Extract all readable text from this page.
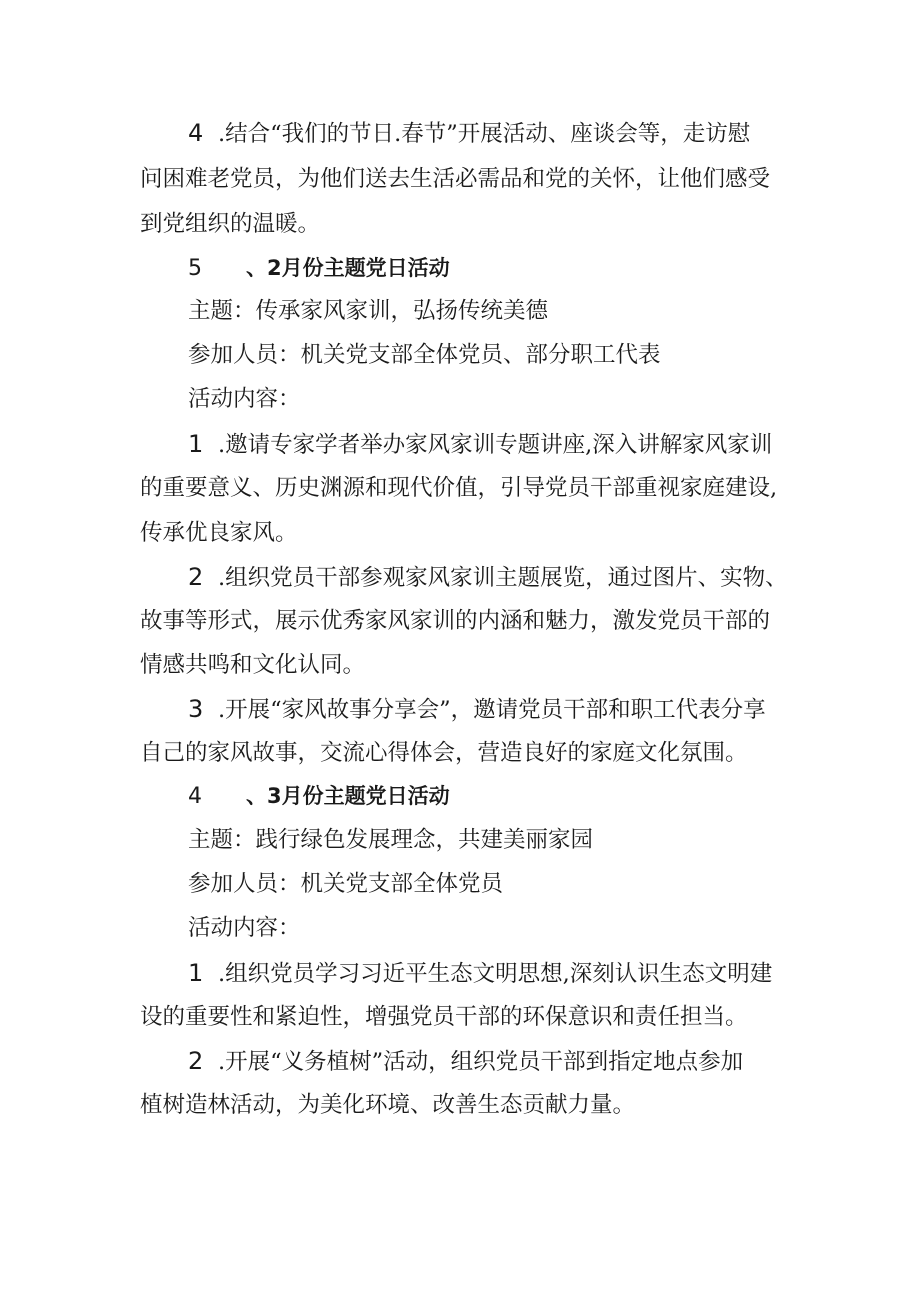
4 .结合“我们的节日.春节”开展活动、座谈会等，走访慰
问困难老党员，为他们送去生活必需品和党的关怀，让他们感受
到党组织的温暖。
5 、2月份主题党日活动
主题：传承家风家训，弘扬传统美德
参加人员：机关党支部全体党员、部分职工代表
活动内容：
1 .邀请专家学者举办家风家训专题讲座,深入讲解家风家训
的重要意义、历史渊源和现代价值，引导党员干部重视家庭建设,
传承优良家风。
2 .组织党员干部参观家风家训主题展览，通过图片、实物、
故事等形式，展示优秀家风家训的内涵和魅力，激发党员干部的
情感共鸣和文化认同。
3 .开展“家风故事分享会”，邀请党员干部和职工代表分享
自己的家风故事，交流心得体会，营造良好的家庭文化氛围。
4 、3月份主题党日活动
主题：践行绿色发展理念，共建美丽家园
参加人员：机关党支部全体党员
活动内容：
1 .组织党员学习习近平生态文明思想,深刻认识生态文明建
设的重要性和紧迫性，增强党员干部的环保意识和责任担当。
2 .开展“义务植树”活动，组织党员干部到指定地点参加
植树造林活动，为美化环境、改善生态贡献力量。
